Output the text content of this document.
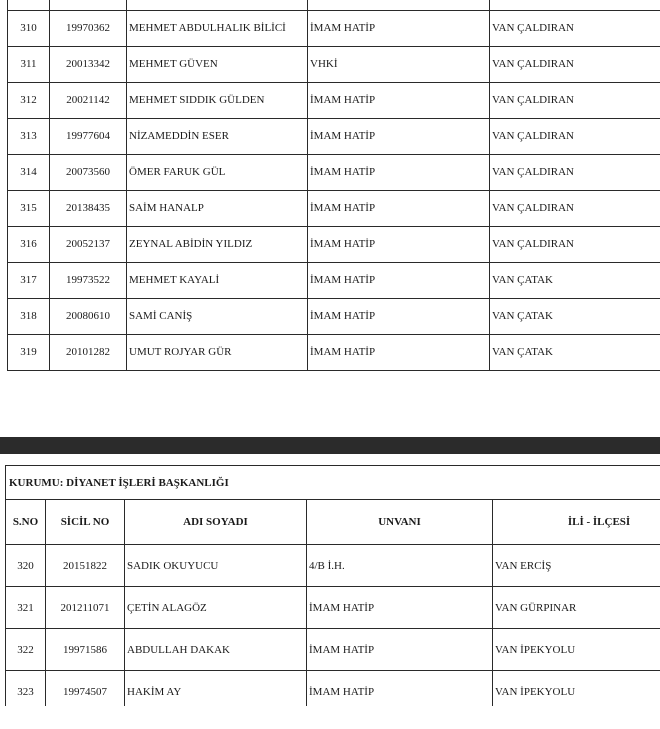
310	19970362	MEHMET ABDULHALIK BİLİCİ	İMAM HATİP	VAN ÇALDIRAN
311	20013342	MEHMET GÜVEN	VHKİ	VAN ÇALDIRAN
312	20021142	MEHMET SIDDIK GÜLDEN	İMAM HATİP	VAN ÇALDIRAN
313	19977604	NİZAMEDDİN ESER	İMAM HATİP	VAN ÇALDIRAN
314	20073560	ÖMER FARUK GÜL	İMAM HATİP	VAN ÇALDIRAN
315	20138435	SAİM HANALP	İMAM HATİP	VAN ÇALDIRAN
316	20052137	ZEYNAL ABİDİN YILDIZ	İMAM HATİP	VAN ÇALDIRAN
317	19973522	MEHMET KAYALİ	İMAM HATİP	VAN ÇATAK
318	20080610	SAMİ CANİŞ	İMAM HATİP	VAN ÇATAK
319	20101282	UMUT ROJYAR GÜR	İMAM HATİP	VAN ÇATAK
KURUMU: DİYANET İŞLERİ BAŞKANLIĞI				
S.NO	SİCİL NO	ADI SOYADI	UNVANI	İLİ - İLÇESİ
320	20151822	SADIK OKUYUCU	4/B İ.H.	VAN ERCİŞ
321	201211071	ÇETİN ALAGÖZ	İMAM HATİP	VAN GÜRPINAR
322	19971586	ABDULLAH DAKAK	İMAM HATİP	VAN İPEKYOLU
323	19974507	HAKİM AY	İMAM HATİP	VAN İPEKYOLU
